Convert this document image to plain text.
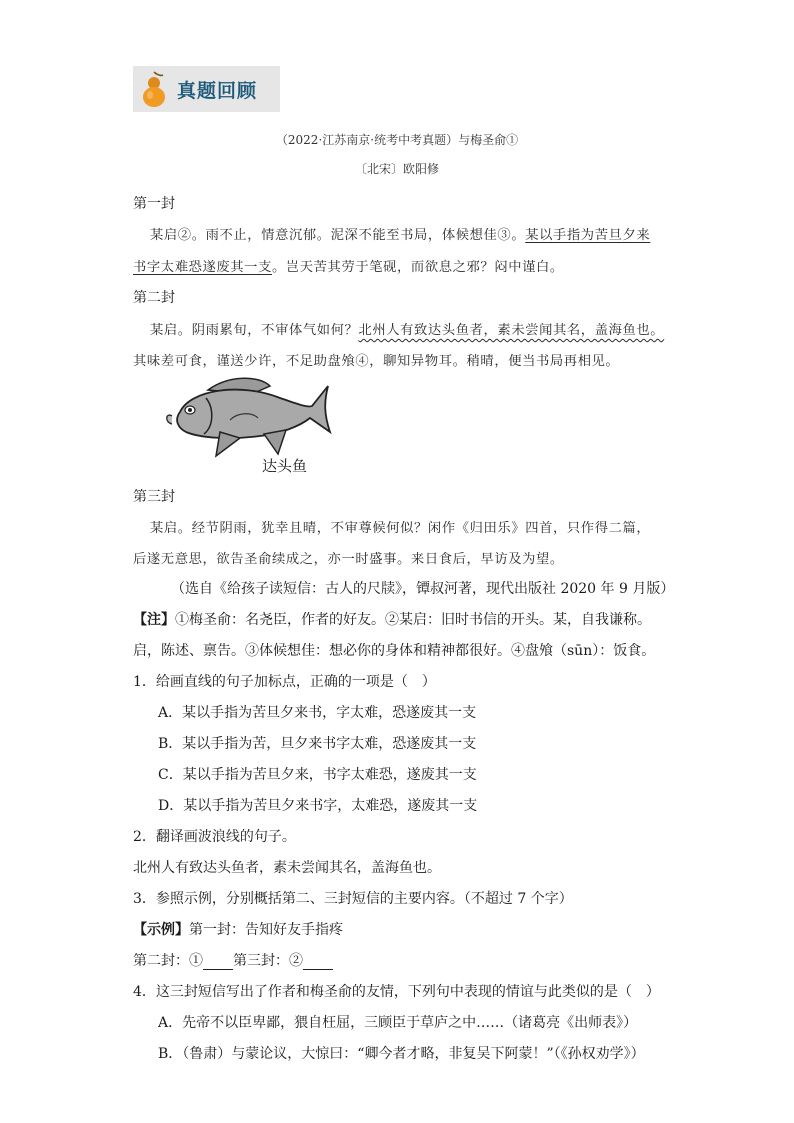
真题回顾
（2022·江苏南京·统考中考真题）与梅圣俞①
〔北宋〕欧阳修
第一封
某启②。雨不止，情意沉郁。泥深不能至书局，体候想佳③。某以手指为苦旦夕来
书字太难恐遂废其一支。岂天苦其劳于笔砚，而欲息之邪？闷中谨白。
第二封
某启。阴雨累旬，不审体气如何？北州人有致达头鱼者，素未尝闻其名，盖海鱼也。
其味差可食，谨送少许，不足助盘飧④，聊知异物耳。稍晴，便当书局再相见。
达头鱼
第三封
某启。经节阴雨，犹幸且晴，不审尊候何似？闲作《归田乐》四首，只作得二篇，
后遂无意思，欲告圣俞续成之，亦一时盛事。来日食后，早访及为望。
（选自《给孩子读短信：古人的尺牍》，镡叔河著，现代出版社 2020 年 9 月版）
【注】①梅圣俞：名尧臣，作者的好友。②某启：旧时书信的开头。某，自我谦称。
启，陈述、禀告。③体候想佳：想必你的身体和精神都很好。④盘飧（sūn）：饭食。
1．给画直线的句子加标点，正确的一项是（　）
A．某以手指为苦旦夕来书，字太难，恐遂废其一支
B．某以手指为苦，旦夕来书字太难，恐遂废其一支
C．某以手指为苦旦夕来，书字太难恐，遂废其一支
D．某以手指为苦旦夕来书字，太难恐，遂废其一支
2．翻译画波浪线的句子。
北州人有致达头鱼者，素未尝闻其名，盖海鱼也。
3．参照示例，分别概括第二、三封短信的主要内容。（不超过 7 个字）
【示例】第一封：告知好友手指疼
第二封：① 第三封：②
4．这三封短信写出了作者和梅圣俞的友情，下列句中表现的情谊与此类似的是（　）
A．先帝不以臣卑鄙，猥自枉屈，三顾臣于草庐之中……（诸葛亮《出师表》）
B．（鲁肃）与蒙论议，大惊曰：“卿今者才略，非复吴下阿蒙！”（《孙权劝学》）
